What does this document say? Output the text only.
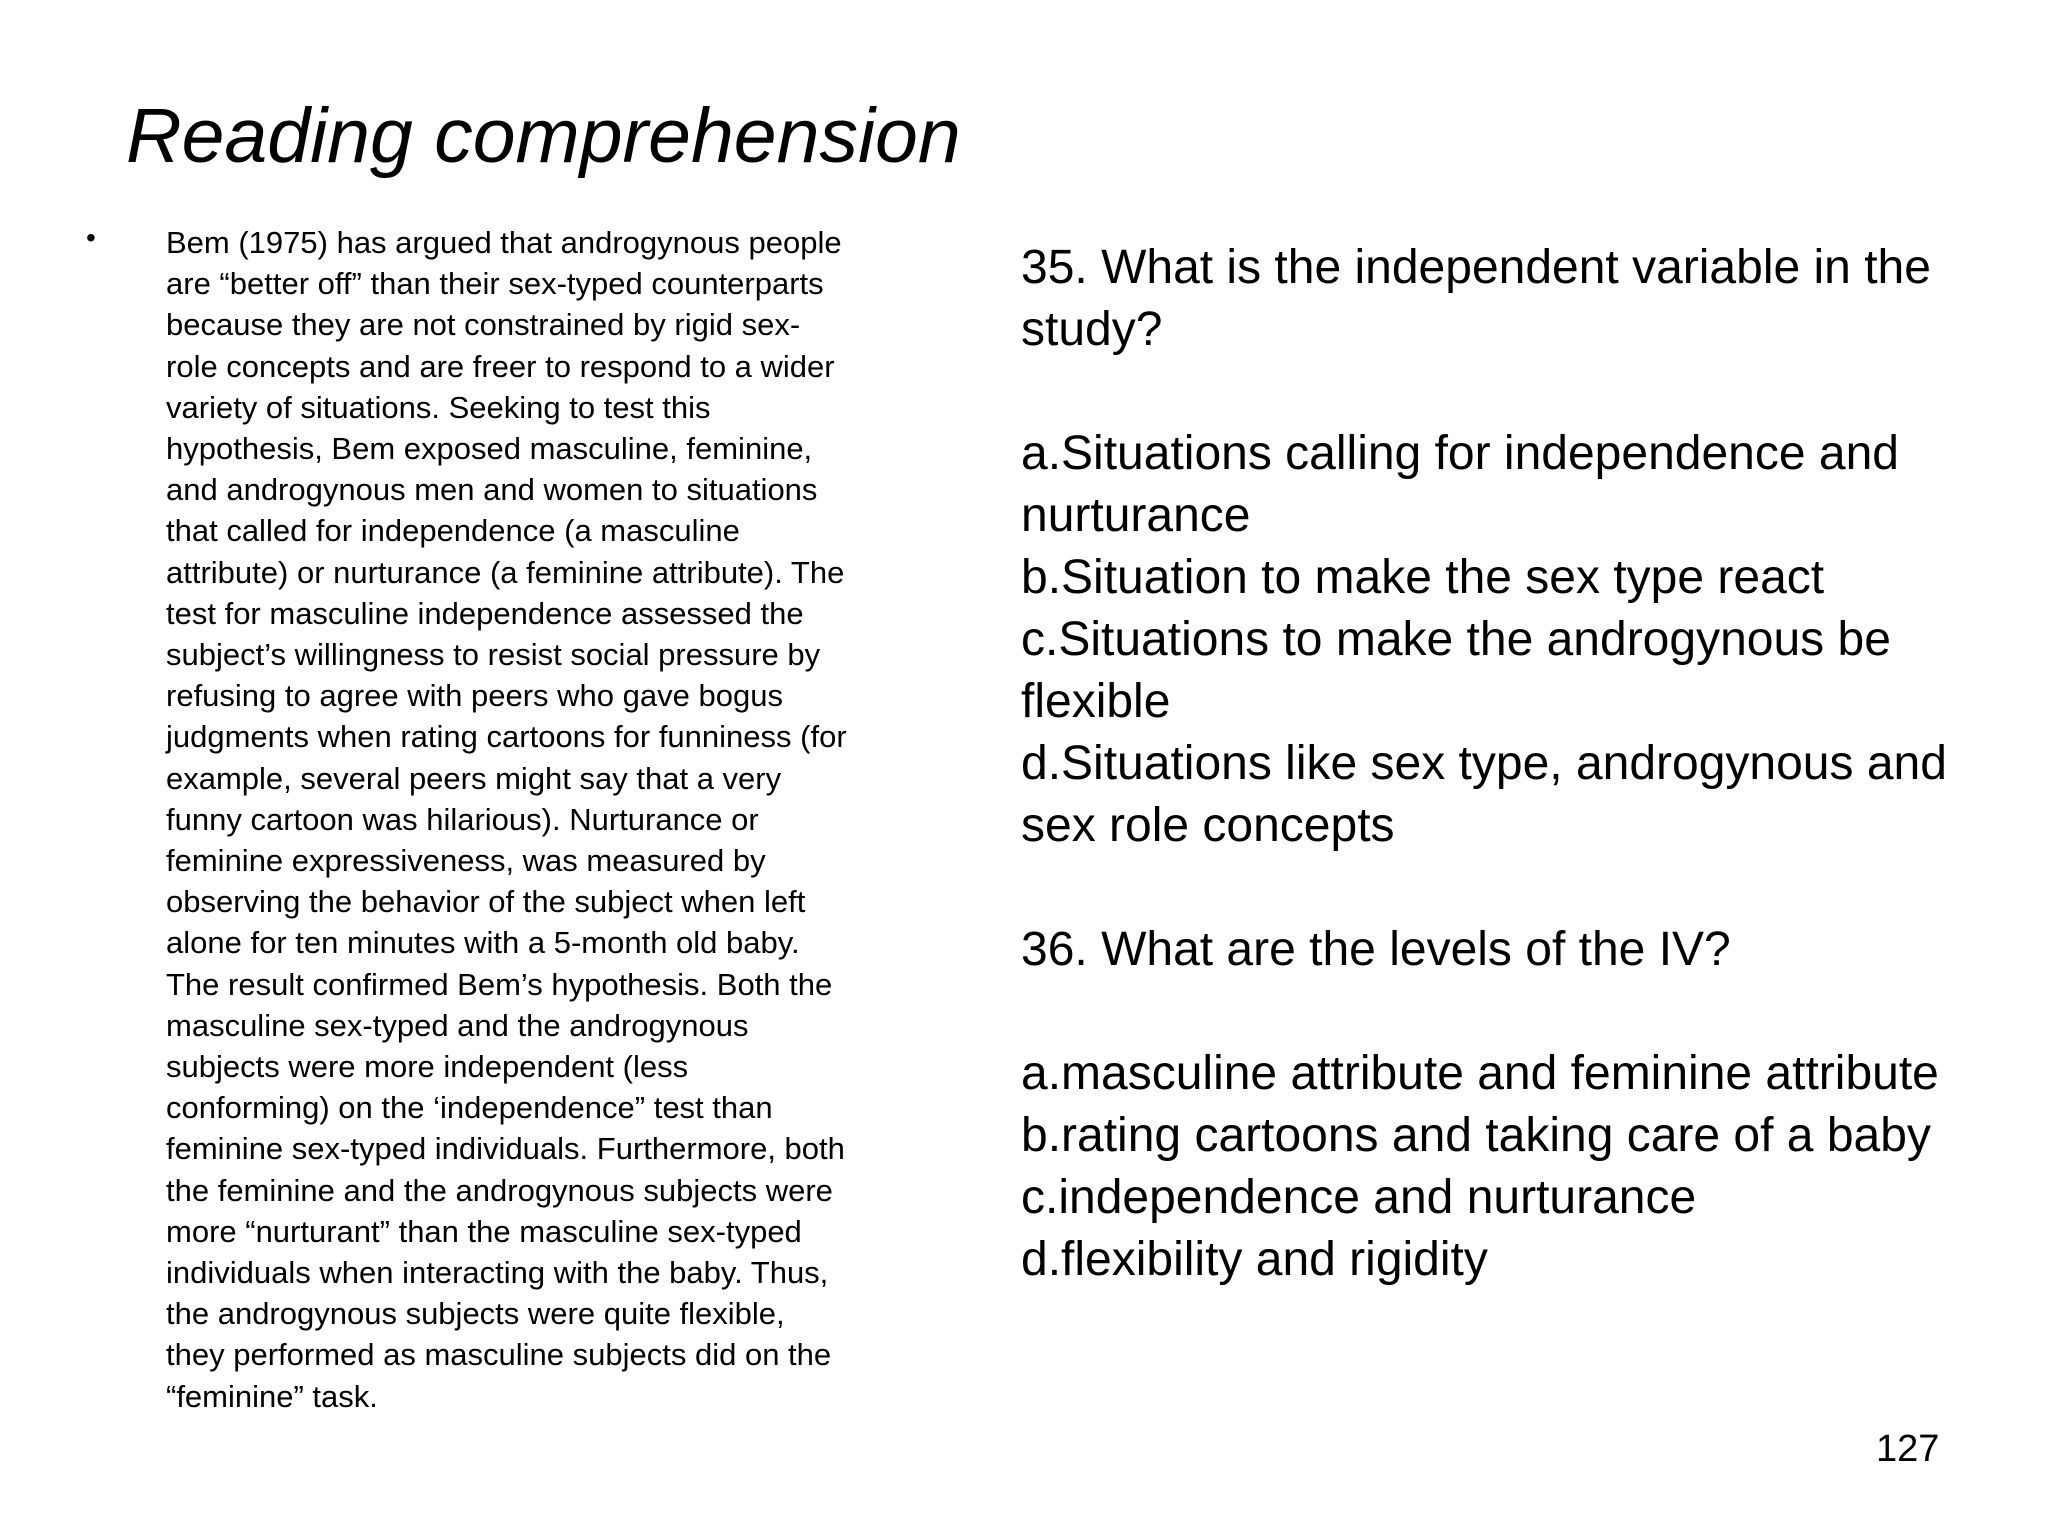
Reading comprehension
• Bem (1975) has argued that androgynous people
are “better off” than their sex-typed counterparts
because they are not constrained by rigid sex-
role concepts and are freer to respond to a wider
variety of situations. Seeking to test this
hypothesis, Bem exposed masculine, feminine,
and androgynous men and women to situations
that called for independence (a masculine
attribute) or nurturance (a feminine attribute). The
test for masculine independence assessed the
subject’s willingness to resist social pressure by
refusing to agree with peers who gave bogus
judgments when rating cartoons for funniness (for
example, several peers might say that a very
funny cartoon was hilarious). Nurturance or
feminine expressiveness, was measured by
observing the behavior of the subject when left
alone for ten minutes with a 5-month old baby.
The result confirmed Bem’s hypothesis. Both the
masculine sex-typed and the androgynous
subjects were more independent (less
conforming) on the ‘independence” test than
feminine sex-typed individuals. Furthermore, both
the feminine and the androgynous subjects were
more “nurturant” than the masculine sex-typed
individuals when interacting with the baby. Thus,
the androgynous subjects were quite flexible,
they performed as masculine subjects did on the
“feminine” task.
35. What is the independent variable in the
study?
a.Situations calling for independence and
nurturance
b.Situation to make the sex type react
c.Situations to make the androgynous be
flexible
d.Situations like sex type, androgynous and
sex role concepts
36. What are the levels of the IV?
a.masculine attribute and feminine attribute
b.rating cartoons and taking care of a baby
c.independence and nurturance
d.flexibility and rigidity
127
